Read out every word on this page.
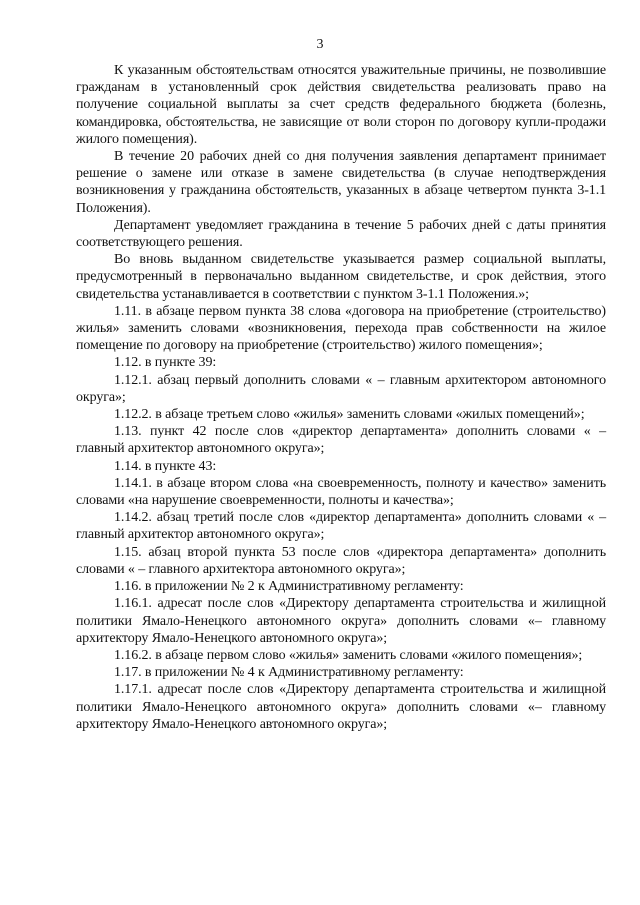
3

К указанным обстоятельствам относятся уважительные причины, не позволившие гражданам в установленный срок действия свидетельства реализовать право на получение социальной выплаты за счет средств федерального бюджета (болезнь, командировка, обстоятельства, не зависящие от воли сторон по договору купли-продажи жилого помещения).

В течение 20 рабочих дней со дня получения заявления департамент принимает решение о замене или отказе в замене свидетельства (в случае неподтверждения возникновения у гражданина обстоятельств, указанных в абзаце четвертом пункта 3-1.1 Положения).

Департамент уведомляет гражданина в течение 5 рабочих дней с даты принятия соответствующего решения.

Во вновь выданном свидетельстве указывается размер социальной выплаты, предусмотренный в первоначально выданном свидетельстве, и срок действия, этого свидетельства устанавливается в соответствии с пунктом 3-1.1 Положения.»;

1.11. в абзаце первом пункта 38 слова «договора на приобретение (строительство) жилья» заменить словами «возникновения, перехода прав собственности на жилое помещение по договору на приобретение (строительство) жилого помещения»;

1.12. в пункте 39:

1.12.1. абзац первый дополнить словами « – главным архитектором автономного округа»;

1.12.2. в абзаце третьем слово «жилья» заменить словами «жилых помещений»;

1.13. пункт 42 после слов «директор департамента» дополнить словами « – главный архитектор автономного округа»;

1.14. в пункте 43:

1.14.1. в абзаце втором слова «на своевременность, полноту и качество» заменить словами «на нарушение своевременности, полноты и качества»;

1.14.2. абзац третий после слов «директор департамента» дополнить словами « – главный архитектор автономного округа»;

1.15. абзац второй пункта 53 после слов «директора департамента» дополнить словами « – главного архитектора автономного округа»;

1.16. в приложении № 2 к Административному регламенту:

1.16.1. адресат после слов «Директору департамента строительства и жилищной политики Ямало-Ненецкого автономного округа» дополнить словами «– главному архитектору Ямало-Ненецкого автономного округа»;

1.16.2. в абзаце первом слово «жилья» заменить словами «жилого помещения»;

1.17. в приложении № 4 к Административному регламенту:

1.17.1. адресат после слов «Директору департамента строительства и жилищной политики Ямало-Ненецкого автономного округа» дополнить словами «– главному архитектору Ямало-Ненецкого автономного округа»;
